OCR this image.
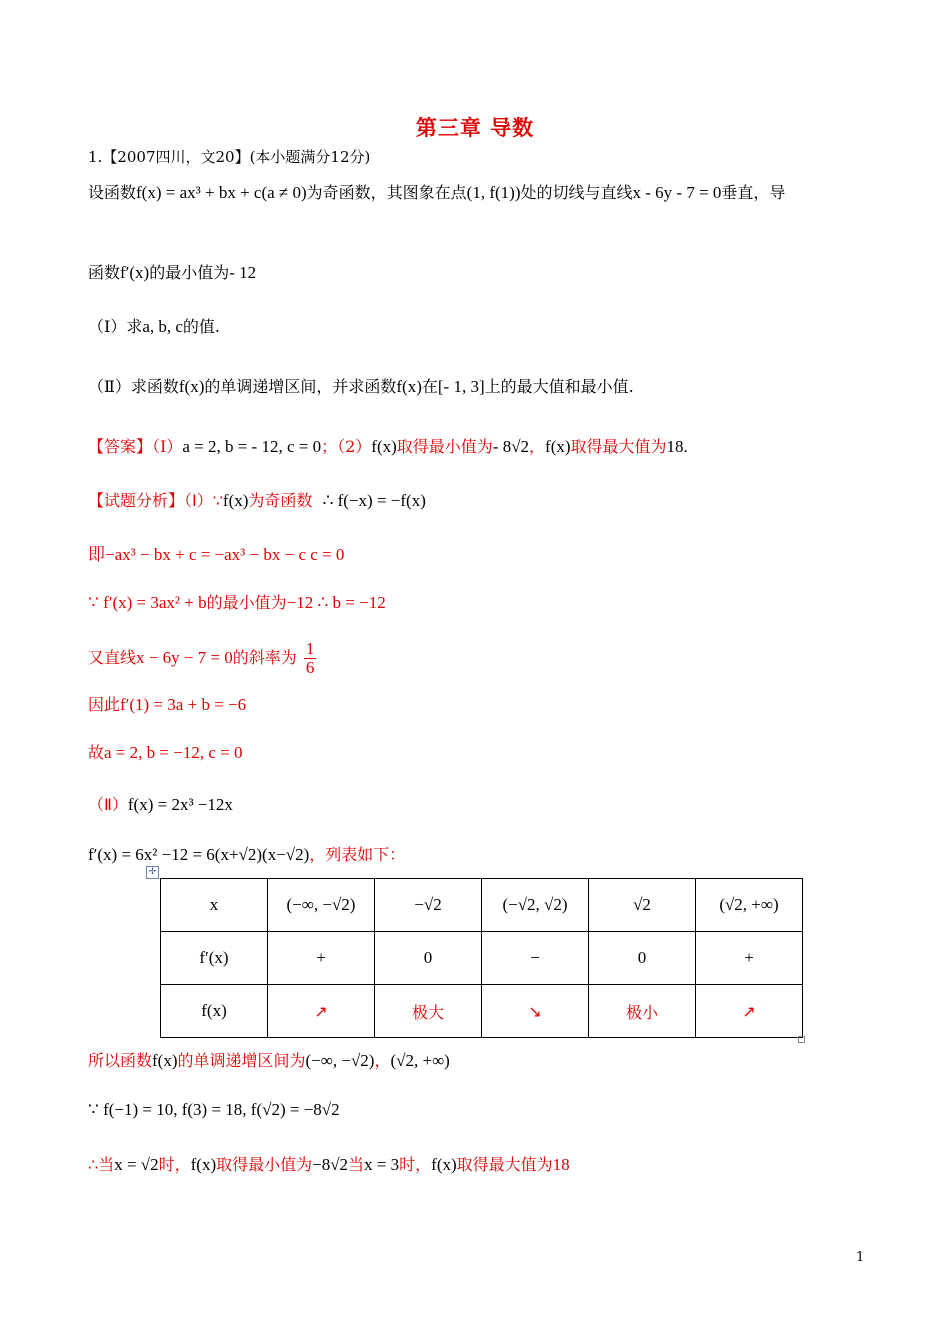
第三章 导数
1.【2007四川，文20】(本小题满分12分)
设函数f(x) = ax³ + bx + c(a ≠ 0)为奇函数，其图象在点(1, f(1))处的切线与直线x - 6y - 7 = 0垂直，导
函数f′(x)的最小值为- 12
（Ⅰ）求a, b, c的值.
（Ⅱ）求函数f(x)的单调递增区间，并求函数f(x)在[- 1, 3]上的最大值和最小值.
【答案】（Ⅰ）a = 2, b = - 12, c = 0；（2）f(x)取得最小值为- 8√2，f(x)取得最大值为18.
【试题分析】（Ⅰ）∵f(x)为奇函数 ∴ f(−x) = −f(x)
即−ax³ − bx + c = −ax³ − bx − c c = 0
∵ f′(x) = 3ax² + b的最小值为−12 ∴ b = −12
又直线x − 6y − 7 = 0的斜率为 $\frac{1}{6}$
因此f′(1) = 3a + b = −6
故a = 2, b = −12, c = 0
（Ⅱ）f(x) = 2x³ −12x
f′(x) = 6x² −12 = 6(x+√2)(x−√2)，列表如下：
✢
x	(−∞, −√2)	−√2	(−√2, √2)	√2	(√2, +∞)
f′(x)	+	0	−	0	+
f(x)	↗	极大	↘	极小	↗
所以函数f(x)的单调递增区间为(−∞, −√2)，(√2, +∞)
∵ f(−1) = 10, f(3) = 18, f(√2) = −8√2
∴当x = √2时，f(x)取得最小值为−8√2当x = 3时，f(x)取得最大值为18
1
